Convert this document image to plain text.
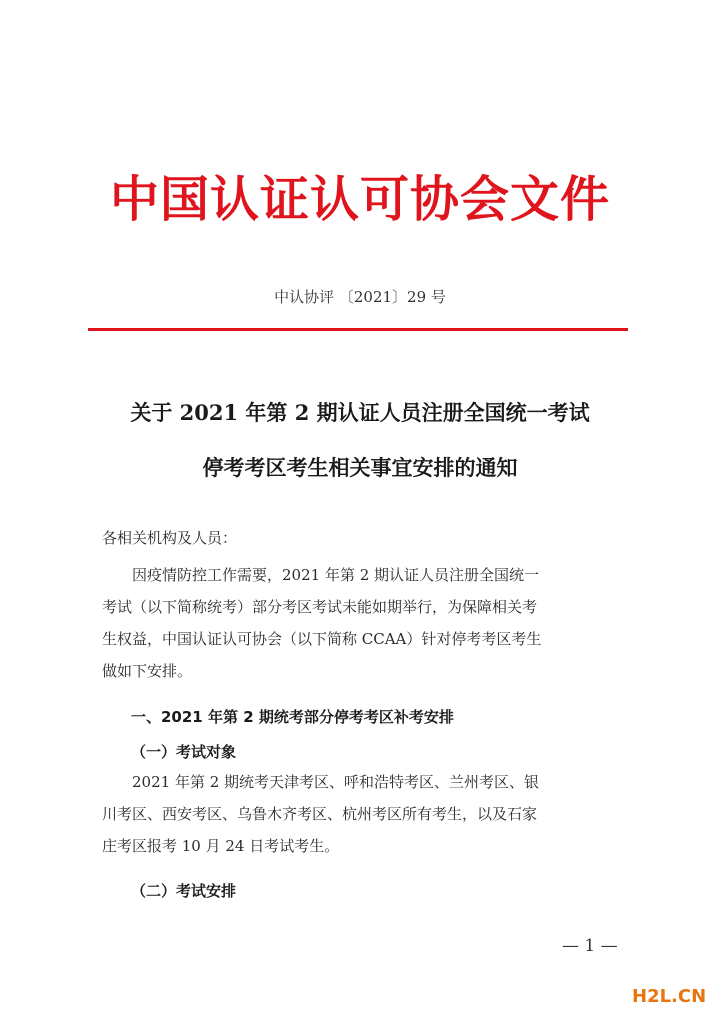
中国认证认可协会文件
中认协评 〔2021〕29 号
关于 2021 年第 2 期认证人员注册全国统一考试
停考考区考生相关事宜安排的通知
各相关机构及人员：
　　因疫情防控工作需要，2021 年第 2 期认证人员注册全国统一
考试（以下简称统考）部分考区考试未能如期举行，为保障相关考
生权益，中国认证认可协会（以下简称 CCAA）针对停考考区考生
做如下安排。
一、2021 年第 2 期统考部分停考考区补考安排
（一）考试对象
　　2021 年第 2 期统考天津考区、呼和浩特考区、兰州考区、银
川考区、西安考区、乌鲁木齐考区、杭州考区所有考生，以及石家
庄考区报考 10 月 24 日考试考生。
（二）考试安排
— 1 —
H2L.CN
